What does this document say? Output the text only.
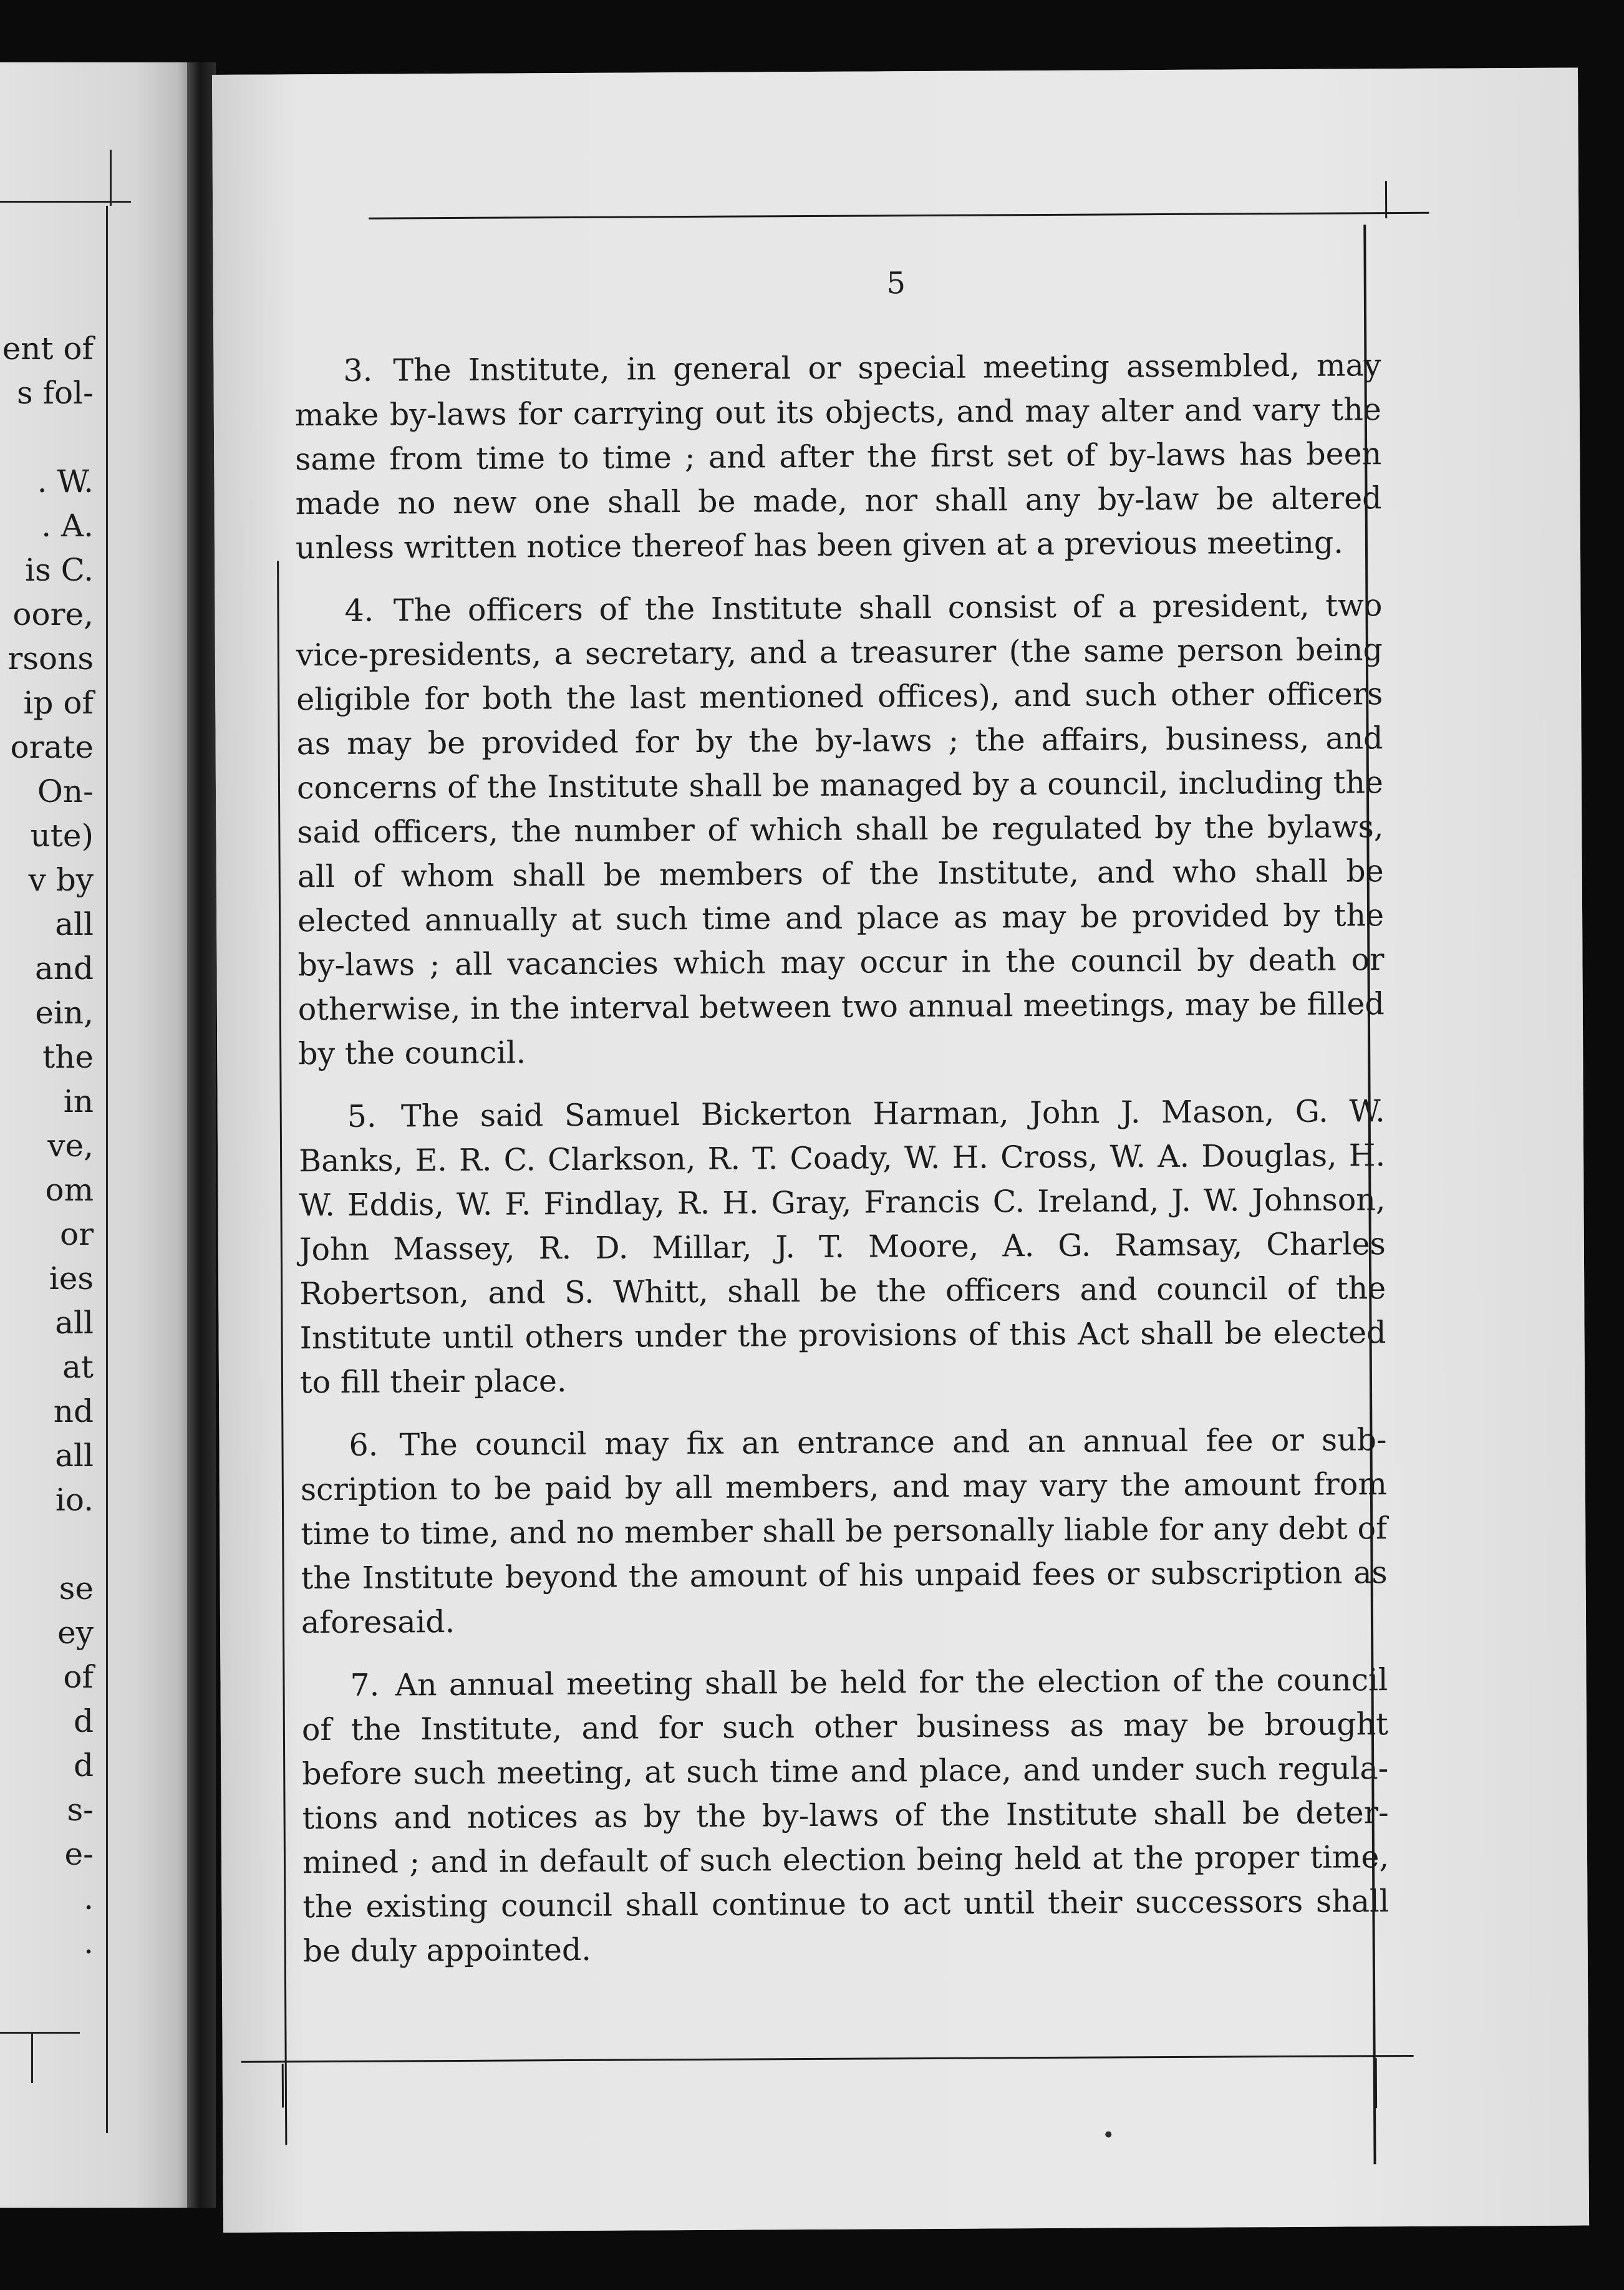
ent of
s fol-
. W.
. A.
is C.
oore,
rsons
ip of
orate
On-
ute)
v by
all
and
ein,
the
in
ve,
om
or
ies
all
at
nd
all
io.
se
ey
of
d
d
s-
e-
.
.

5

3. The Institute, in general or special meeting assembled, may make by-laws for carrying out its objects, and may alter and vary the same from time to time ; and after the first set of by-laws has been made no new one shall be made, nor shall any by-law be altered unless written notice thereof has been given at a previous meeting.

4. The officers of the Institute shall consist of a president, two vice-presidents, a secretary, and a treasurer (the same person being eligible for both the last mentioned offices), and such other officers as may be provided for by the by-laws ; the affairs, business, and concerns of the Institute shall be managed by a council, including the said officers, the number of which shall be regulated by the bylaws, all of whom shall be members of the Institute, and who shall be elected annually at such time and place as may be provided by the by-laws ; all vacancies which may occur in the council by death or otherwise, in the interval between two annual meetings, may be filled by the council.

5. The said Samuel Bickerton Harman, John J. Mason, G. W. Banks, E. R. C. Clarkson, R. T. Coady, W. H. Cross, W. A. Douglas, H. W. Eddis, W. F. Findlay, R. H. Gray, Francis C. Ireland, J. W. Johnson, John Massey, R. D. Millar, J. T. Moore, A. G. Ramsay, Charles Robertson, and S. Whitt, shall be the officers and council of the Institute until others under the provisions of this Act shall be elected to fill their place.

6. The council may fix an entrance and an annual fee or subscription to be paid by all members, and may vary the amount from time to time, and no member shall be personally liable for any debt of the Institute beyond the amount of his unpaid fees or subscription as aforesaid.

7. An annual meeting shall be held for the election of the council of the Institute, and for such other business as may be brought before such meeting, at such time and place, and under such regulations and notices as by the by-laws of the Institute shall be determined ; and in default of such election being held at the proper time, the existing council shall continue to act until their successors shall be duly appointed.
